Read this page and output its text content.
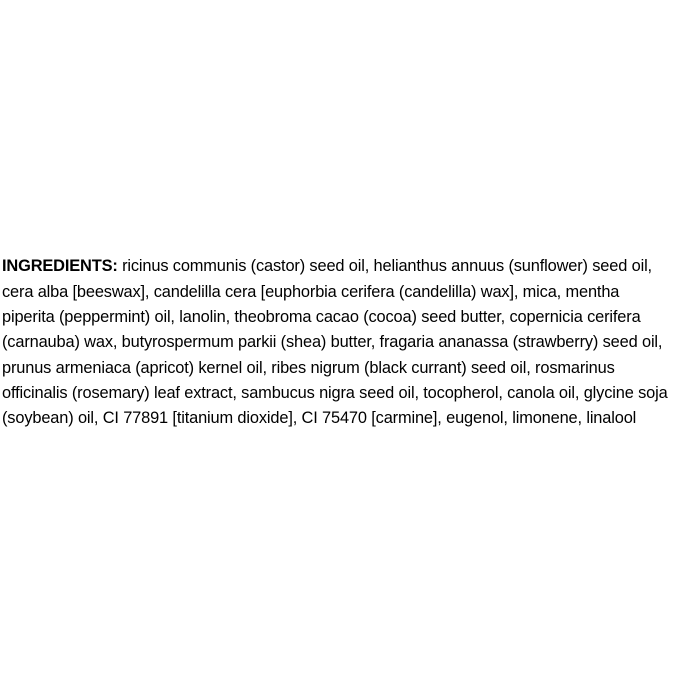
INGREDIENTS: ricinus communis (castor) seed oil, helianthus annuus (sunflower) seed oil, cera alba [beeswax], candelilla cera [euphorbia cerifera (candelilla) wax], mica, mentha piperita (peppermint) oil, lanolin, theobroma cacao (cocoa) seed butter, copernicia cerifera (carnauba) wax, butyrospermum parkii (shea) butter, fragaria ananassa (strawberry) seed oil, prunus armeniaca (apricot) kernel oil, ribes nigrum (black currant) seed oil, rosmarinus officinalis (rosemary) leaf extract, sambucus nigra seed oil, tocopherol, canola oil, glycine soja (soybean) oil, CI 77891 [titanium dioxide], CI 75470 [carmine], eugenol, limonene, linalool
